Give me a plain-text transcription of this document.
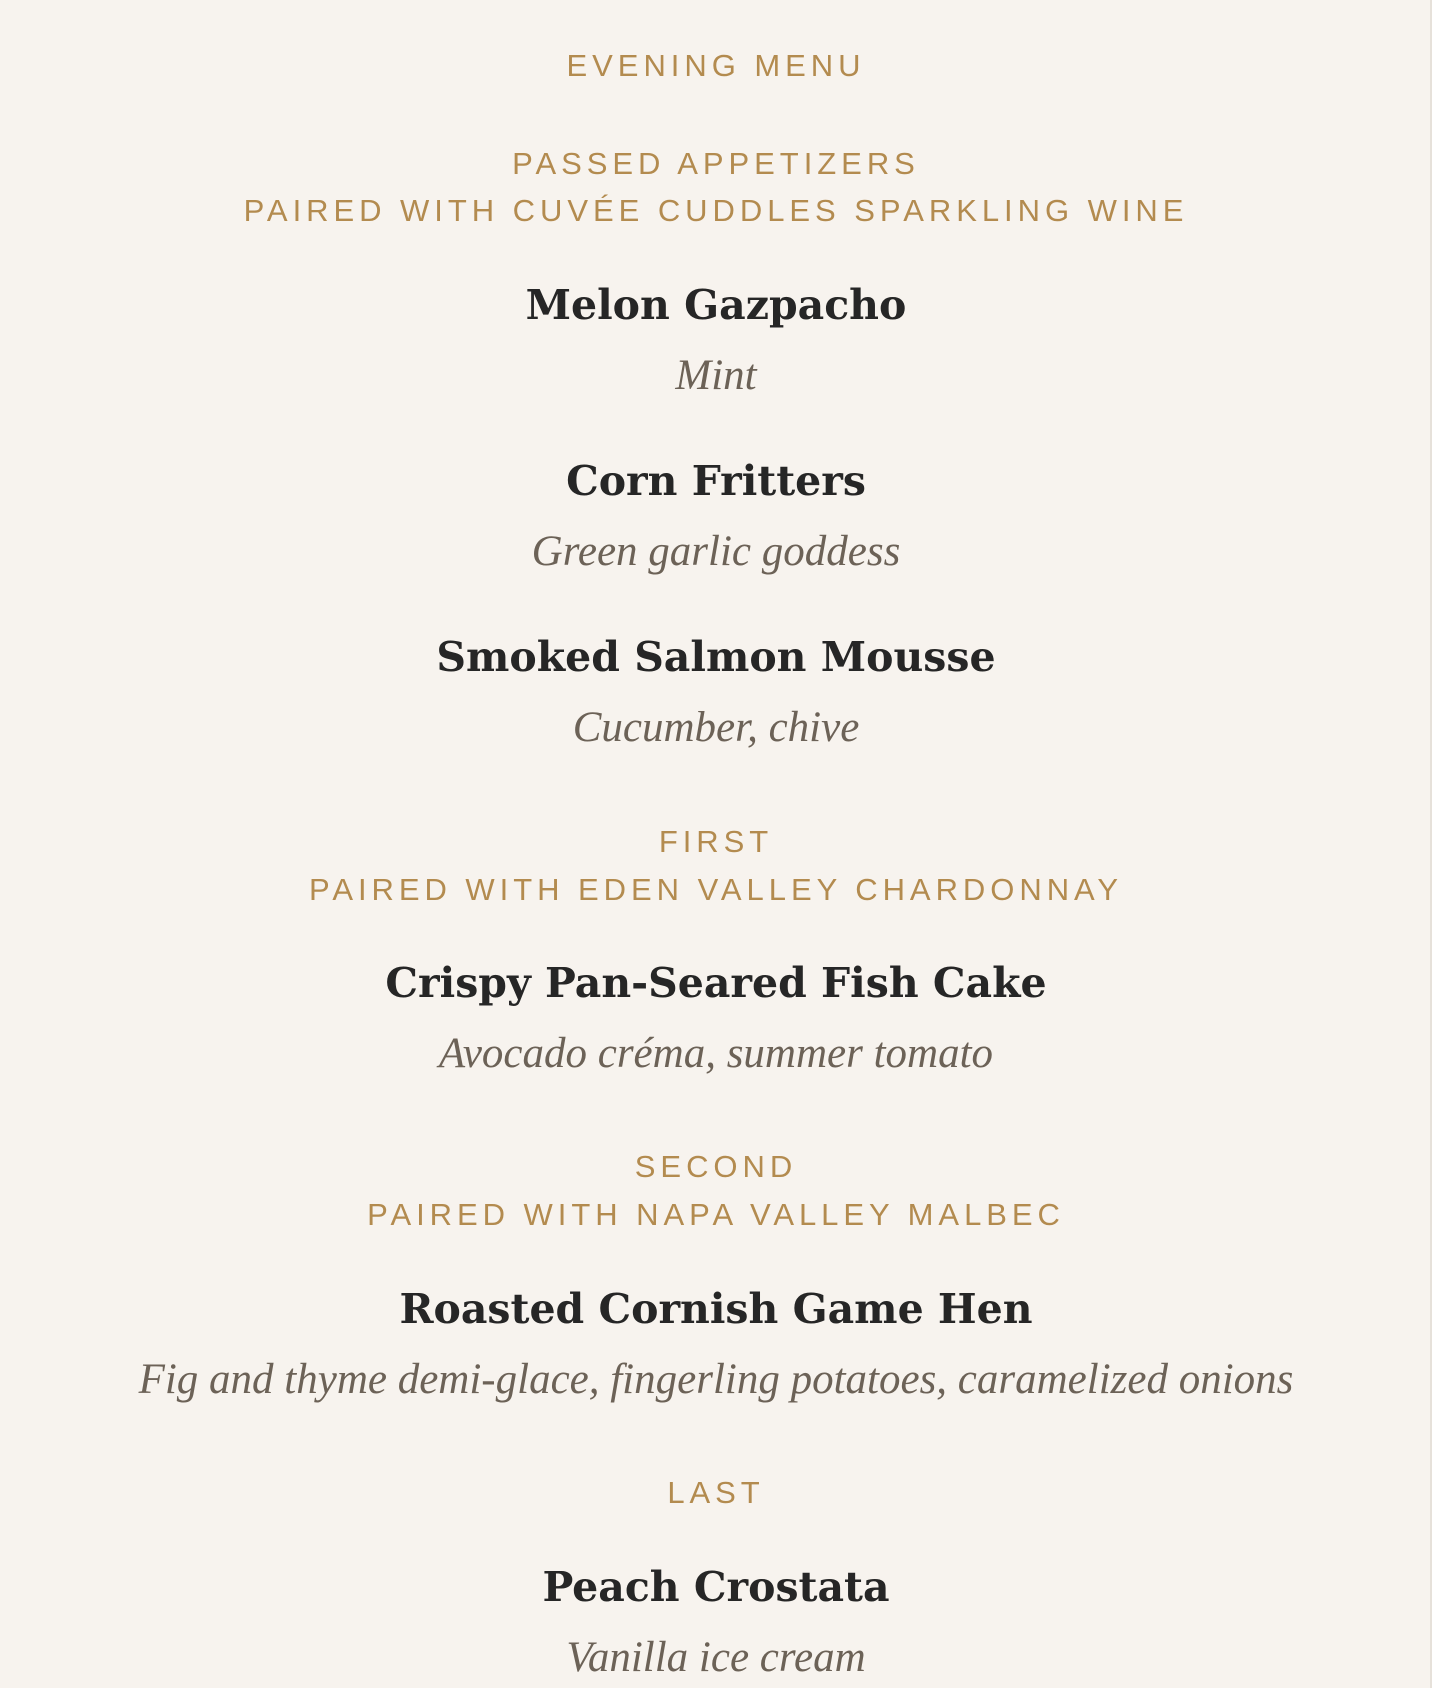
EVENING MENU
PASSED APPETIZERS
PAIRED WITH CUVÉE CUDDLES SPARKLING WINE
Melon Gazpacho
Mint
Corn Fritters
Green garlic goddess
Smoked Salmon Mousse
Cucumber, chive
FIRST
PAIRED WITH EDEN VALLEY CHARDONNAY
Crispy Pan-Seared Fish Cake
Avocado créma, summer tomato
SECOND
PAIRED WITH NAPA VALLEY MALBEC
Roasted Cornish Game Hen
Fig and thyme demi-glace, fingerling potatoes, caramelized onions
LAST
Peach Crostata
Vanilla ice cream
